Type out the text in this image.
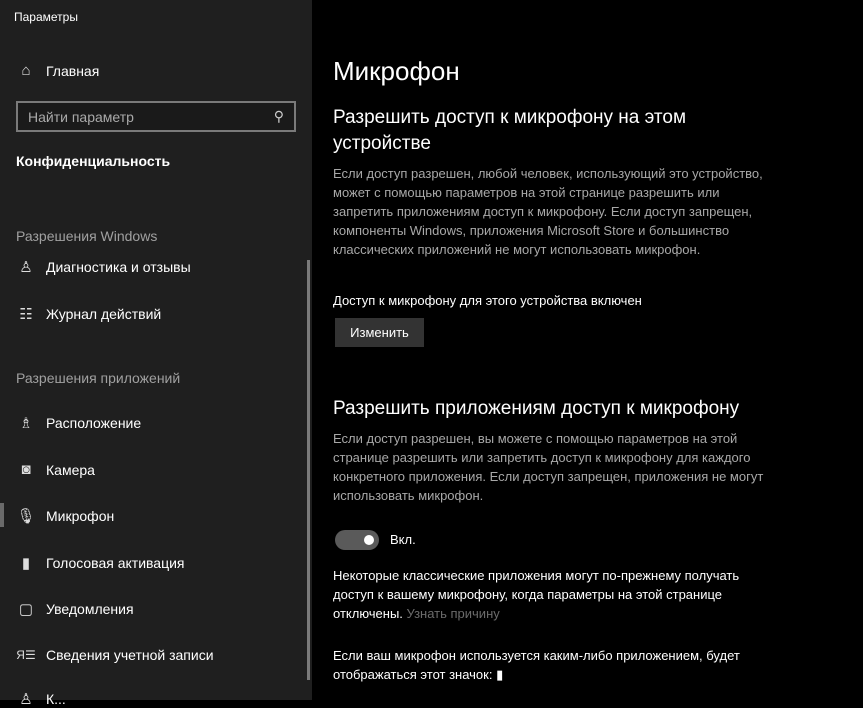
Параметры
⌂	Главная
Найти параметр	⚲
Конфиденциальность
Разрешения Windows
♙ Диагностика и отзывы
☷ Журнал действий
Разрешения приложений
♗ Расположение
◙	Камера
🎙︎ Микрофон
▮	Голосовая активация
▢ Уведомления
Я☰ Сведения учетной записи
♙ К...
Микрофон
Разрешить доступ к микрофону на этом устройстве
Если доступ разрешен, любой человек, использующий это устройство, может с помощью параметров на этой странице разрешить или запретить приложениям доступ к микрофону. Если доступ запрещен, компоненты Windows, приложения Microsoft Store и большинство классических приложений не могут использовать микрофон.
Доступ к микрофону для этого устройства включен
Изменить
Разрешить приложениям доступ к микрофону
Если доступ разрешен, вы можете с помощью параметров на этой странице разрешить или запретить доступ к микрофону для каждого конкретного приложения. Если доступ запрещен, приложения не могут использовать микрофон.
Вкл.
Некоторые классические приложения могут по-прежнему получать доступ к вашему микрофону, когда параметры на этой странице отключены. Узнать причину
Если ваш микрофон используется каким-либо приложением, будет отображаться этот значок: ▮
